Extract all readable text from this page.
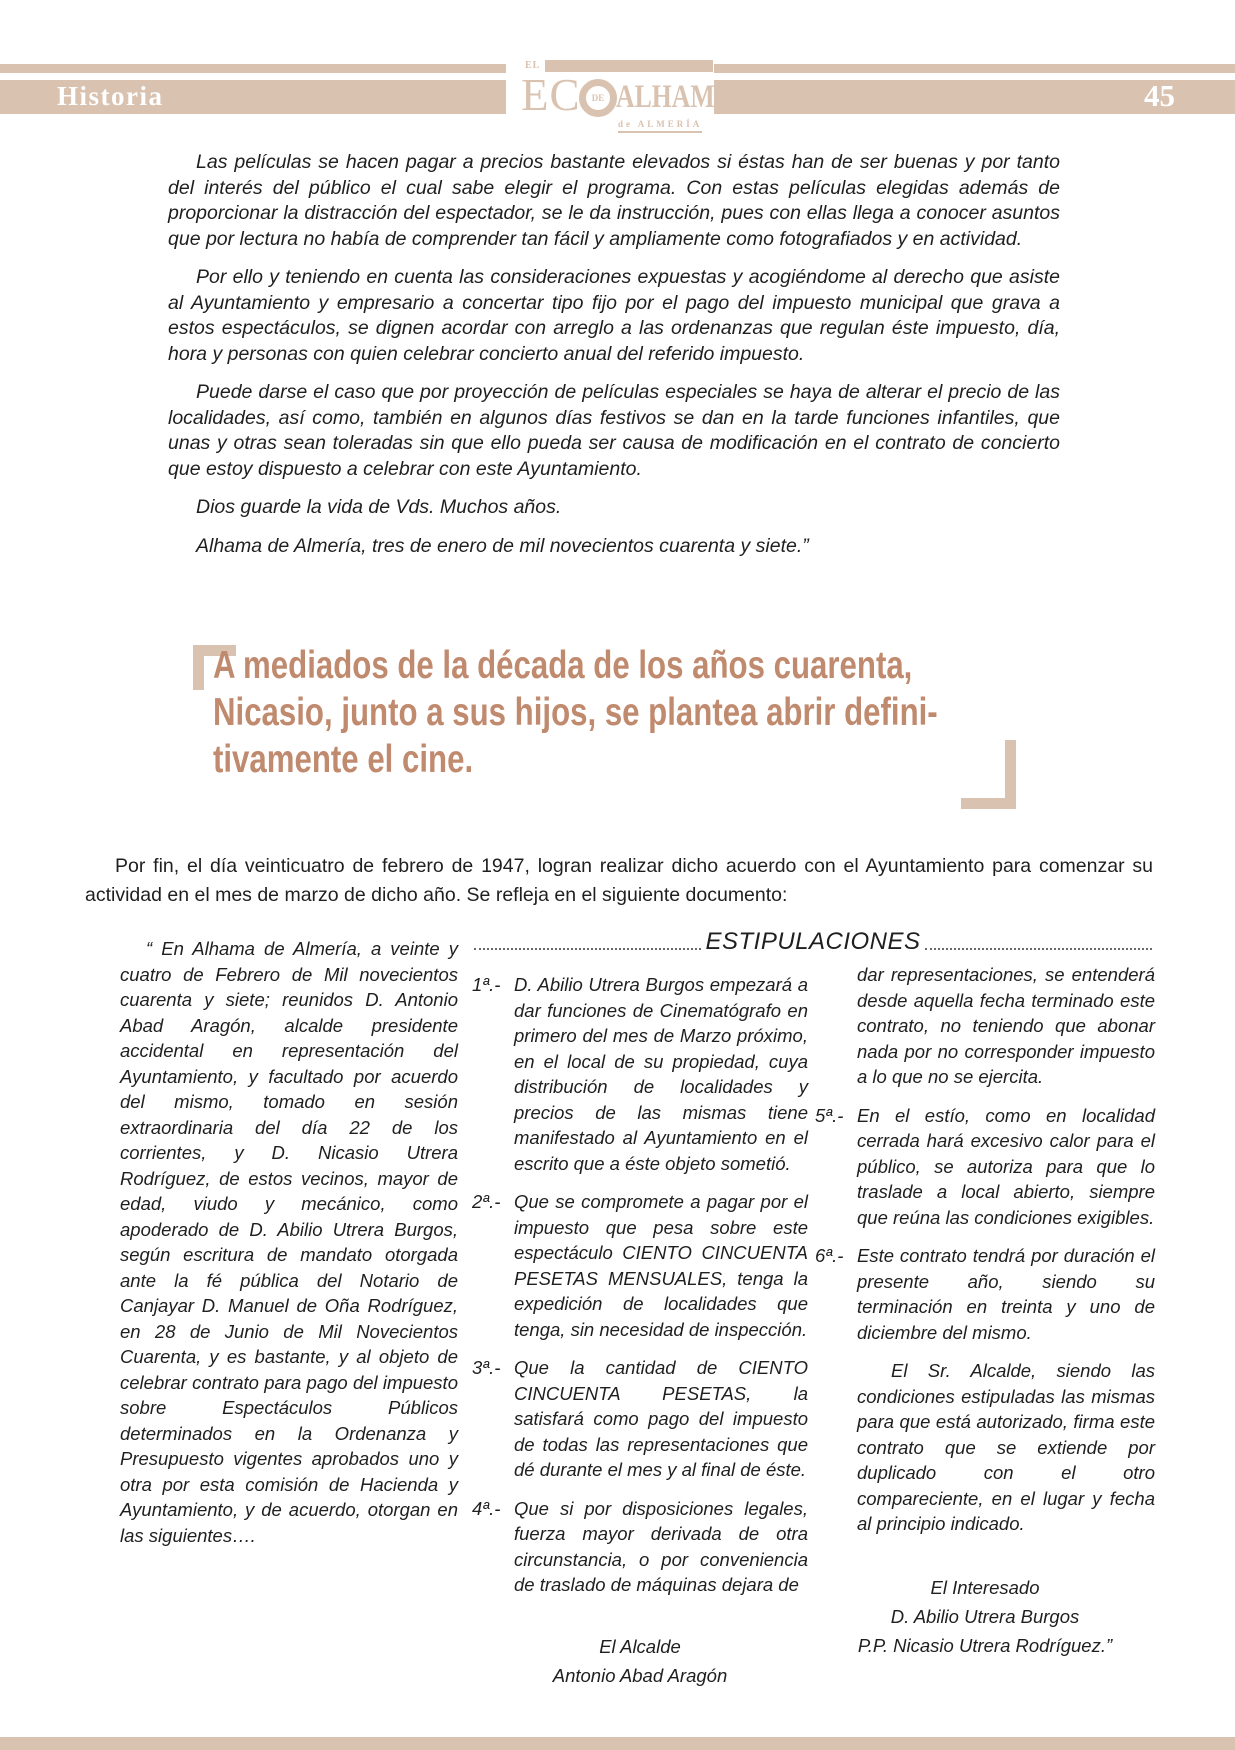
Historia	45
EL
EC DE ALHAMA
de ALMERÍA

Las películas se hacen pagar a precios bastante elevados si éstas han de ser buenas y por tanto del interés del público el cual sabe elegir el programa. Con estas películas elegidas además de proporcionar la distracción del espectador, se le da instrucción, pues con ellas llega a conocer asuntos que por lectura no había de comprender tan fácil y ampliamente como fotografiados y en actividad.

Por ello y teniendo en cuenta las consideraciones expuestas y acogiéndome al derecho que asiste al Ayuntamiento y empresario a concertar tipo fijo por el pago del impuesto municipal que grava a estos espectáculos, se dignen acordar con arreglo a las ordenanzas que regulan éste impuesto, día, hora y personas con quien celebrar concierto anual del referido impuesto.

Puede darse el caso que por proyección de películas especiales se haya de alterar el precio de las localidades, así como, también en algunos días festivos se dan en la tarde funciones infantiles, que unas y otras sean toleradas sin que ello pueda ser causa de modificación en el contrato de concierto que estoy dispuesto a celebrar con este Ayuntamiento.

Dios guarde la vida de Vds. Muchos años.

Alhama de Almería, tres de enero de mil novecientos cuarenta y siete.”

A mediados de la década de los años cuarenta,
Nicasio, junto a sus hijos, se plantea abrir defini-
tivamente el cine.

Por fin, el día veinticuatro de febrero de 1947, logran realizar dicho acuerdo con el Ayuntamiento para comenzar su actividad en el mes de marzo de dicho año. Se refleja en el siguiente documento:

“ En Alhama de Almería, a veinte y cuatro de Febrero de Mil novecientos cuarenta y siete; reunidos D. Antonio Abad Aragón, alcalde presidente accidental en representación del Ayuntamiento, y facultado por acuerdo del mismo, tomado en sesión extraordinaria del día 22 de los corrientes, y D. Nicasio Utrera Rodríguez, de estos vecinos, mayor de edad, viudo y mecánico, como apoderado de D. Abilio Utrera Burgos, según escritura de mandato otorgada ante la fé pública del Notario de Canjayar D. Manuel de Oña Rodríguez, en 28 de Junio de Mil Novecientos Cuarenta, y es bastante, y al objeto de celebrar contrato para pago del impuesto sobre Espectáculos Públicos determinados en la Ordenanza y Presupuesto vigentes aprobados uno y otra por esta comisión de Hacienda y Ayuntamiento, y de acuerdo, otorgan en las siguientes….
ESTIPULACIONES
1ª.- D. Abilio Utrera Burgos empezará a dar funciones de Cinematógrafo en primero del mes de Marzo próximo, en el local de su propiedad, cuya distribución de localidades y precios de las mismas tiene manifestado al Ayuntamiento en el escrito que a éste objeto sometió.
2ª.- Que se compromete a pagar por el impuesto que pesa sobre este espectáculo CIENTO CINCUENTA PESETAS MENSUALES, tenga la expedición de localidades que tenga, sin necesidad de inspección.
3ª.- Que la cantidad de CIENTO CINCUENTA PESETAS, la satisfará como pago del impuesto de todas las representaciones que dé durante el mes y al final de éste.
4ª.- Que si por disposiciones legales, fuerza mayor derivada de otra circunstancia, o por conveniencia de traslado de máquinas dejara de
El Alcalde
Antonio Abad Aragón
dar representaciones, se entenderá desde aquella fecha terminado este contrato, no teniendo que abonar nada por no corresponder impuesto a lo que no se ejercita.
5ª.- En el estío, como en localidad cerrada hará excesivo calor para el público, se autoriza para que lo traslade a local abierto, siempre que reúna las condiciones exigibles.
6ª.- Este contrato tendrá por duración el presente año, siendo su terminación en treinta y uno de diciembre del mismo.
El Sr. Alcalde, siendo las condiciones estipuladas las mismas para que está autorizado, firma este contrato que se extiende por duplicado con el otro compareciente, en el lugar y fecha al principio indicado.
El Interesado
D. Abilio Utrera Burgos
P.P. Nicasio Utrera Rodríguez.”
